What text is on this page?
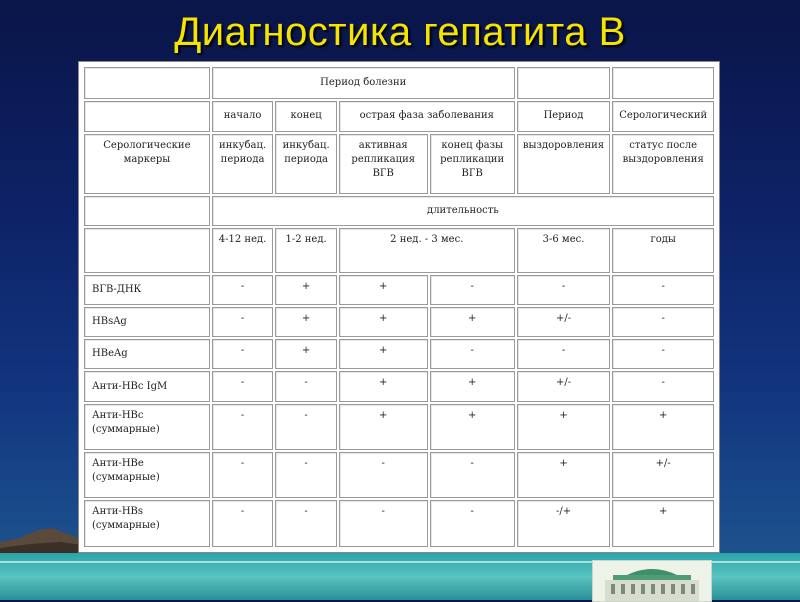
Диагностика гепатита В
	Период болезни					
	начало	конец	острая фаза заболевания		Период	Серологический
Серологические маркеры	инкубац. периода	инкубац. периода	активная репликация ВГВ	конец фазы репликации ВГВ	выздоровления	статус после выздоровления
	длительность					
	4-12 нед.	1-2 нед.	2 нед. - 3 мес.		3-6 мес.	годы
ВГВ-ДНК	-	+	+	-	-	-
HBsAg	-	+	+	+	+/-	-
HBeAg	-	+	+	-	-	-
Анти-HBc IgM	-	-	+	+	+/-	-
Анти-HBc (суммарные)	-	-	+	+	+	+
Анти-HBe (суммарные)	-	-	-	-	+	+/-
Анти-HBs (суммарные)	-	-	-	-	-/+	+
